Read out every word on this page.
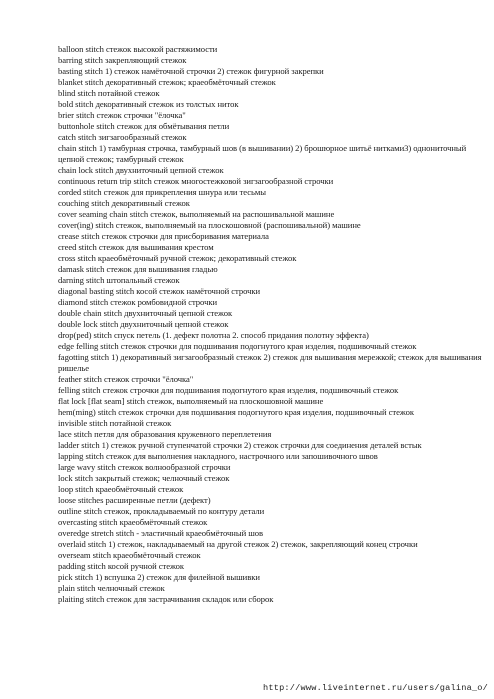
balloon stitch стежок высокой растяжимости
barring stitch закрепляющий стежок
basting stitch 1) стежок намёточной строчки 2) стежок фигурной закрепки
blanket stitch декоративный стежок; краеобмёточный стежок
blind stitch потайной стежок
bold stitch декоративный стежок из толстых ниток
brier stitch стежок строчки "ёлочка"
buttonhole stitch стежок для обмётывания петли
catch stitch зигзагообразный стежок
chain stitch 1) тамбурная строчка, тамбурный шов (в вышивании) 2) брошюрное шитьё нитками3) однониточный цепной стежок; тамбурный стежок
chain lock stitch двухниточный цепной стежок
continuous return trip stitch стежок многостежковой зигзагообразной строчки
corded stitch стежок для прикрепления шнура или тесьмы
couching stitch декоративный стежок
cover seaming chain stitch стежок, выполняемый на распошивальной машине
cover(ing) stitch стежок, выполняемый на плоскошовной (распошивальной) машине
crease stitch стежок строчки для присборивания материала
creed stitch стежок для вышивания крестом
cross stitch краеобмёточный ручной стежок; декоративный стежок
damask stitch стежок для вышивания гладью
darning stitch штопальный стежок
diagonal basting stitch косой стежок намёточной строчки
diamond stitch стежок ромбовидной строчки
double chain stitch двухниточный цепной стежок
double lock stitch двухниточный цепной стежок
drop(ped) stitch спуск петель (1. дефект полотна 2. способ придания полотну эффекта)
edge felling stitch стежок строчки для подшивания подогнутого края изделия, подшивочный стежок
fagotting stitch 1) декоративный зигзагообразный стежок 2) стежок для вышивания мережкой; стежок для вышивания ришелье
feather stitch стежок строчки "ёлочка"
felling stitch стежок строчки для подшивания подогнутого края изделия, подшивочный стежок
flat lock [flat seam] stitch стежок, выполняемый на плоскошовной машине
hem(ming) stitch стежок строчки для подшивания подогнутого края изделия, подшивочный стежок
invisible stitch потайной стежок
lace stitch петля для образования кружевного переплетения
ladder stitch 1) стежок ручной ступенчатой строчки 2) стежок строчки для соединения деталей встык
lapping stitch стежок для выполнения накладного, настрочного или запошивочного швов
large wavy stitch стежок волнообразной строчки
lock stitch закрытый стежок; челночный стежок
loop stitch краеобмёточный стежок
loose stitches расширенные петли (дефект)
outline stitch стежок, прокладываемый по контуру детали
overcasting stitch краеобмёточный стежок
overedge stretch stitch - эластичный краеобмёточный шов
overlaid stitch 1) стежок, накладываемый на другой стежок 2) стежок, закрепляющий конец строчки
overseam stitch краеобмёточный стежок
padding stitch косой ручной стежок
pick stitch 1) вспушка 2) стежок для филейной вышивки
plain stitch челночный стежок
plaiting stitch стежок для застрачивания складок или сборок
http://www.liveinternet.ru/users/galina_o/
